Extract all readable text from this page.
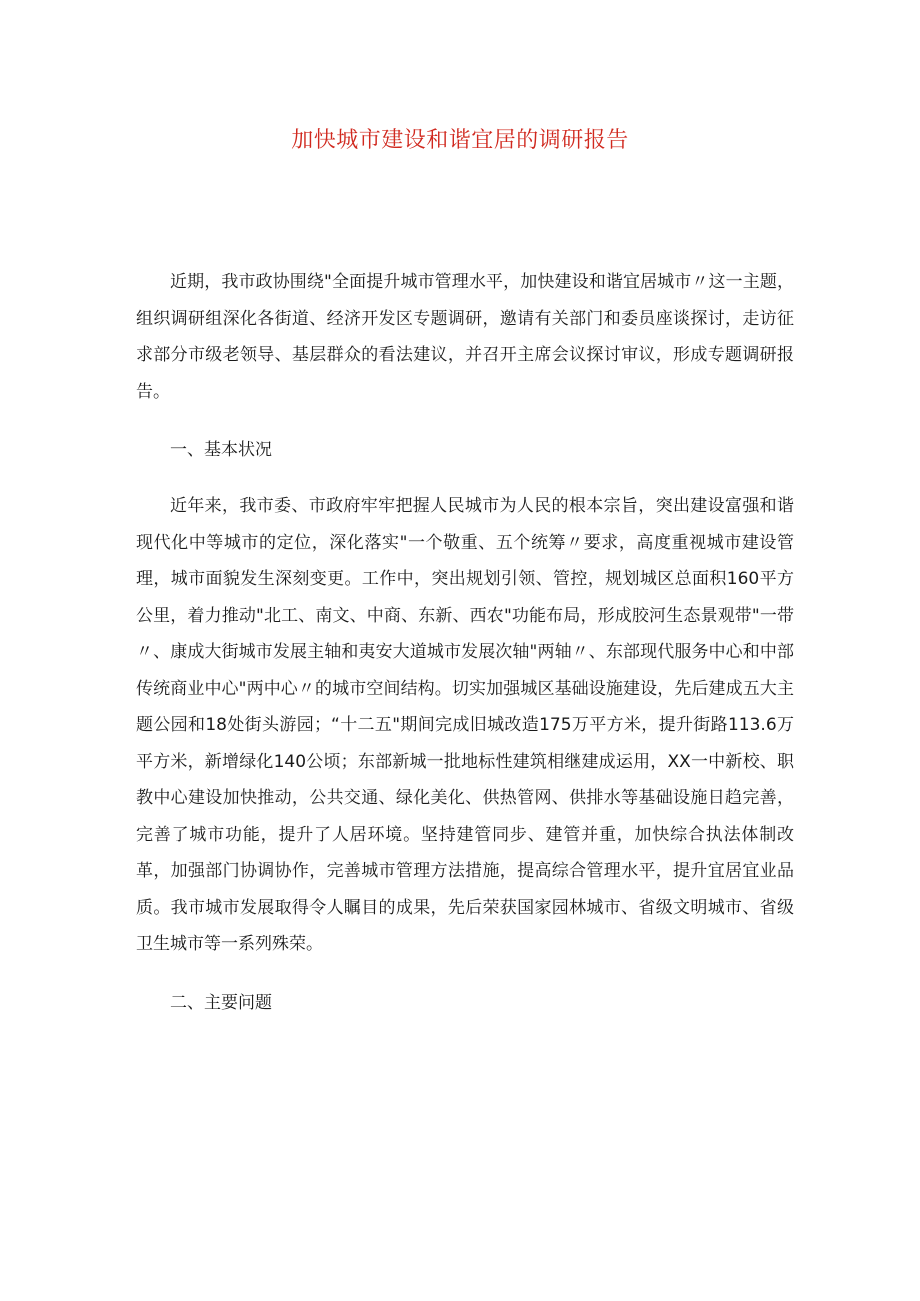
加快城市建设和谐宜居的调研报告

近期，我市政协围绕"全面提升城市管理水平，加快建设和谐宜居城市〃这一主题，组织调研组深化各街道、经济开发区专题调研，邀请有关部门和委员座谈探讨，走访征求部分市级老领导、基层群众的看法建议，并召开主席会议探讨审议，形成专题调研报告。

一、基本状况

近年来，我市委、市政府牢牢把握人民城市为人民的根本宗旨，突出建设富强和谐现代化中等城市的定位，深化落实"一个敬重、五个统筹〃要求，高度重视城市建设管理，城市面貌发生深刻变更。工作中，突出规划引领、管控，规划城区总面积160平方公里，着力推动"北工、南文、中商、东新、西农"功能布局，形成胶河生态景观带"一带〃、康成大街城市发展主轴和夷安大道城市发展次轴"两轴〃、东部现代服务中心和中部传统商业中心"两中心〃的城市空间结构。切实加强城区基础设施建设，先后建成五大主题公园和18处街头游园；“十二五"期间完成旧城改造175万平方米，提升街路113.6万平方米，新增绿化140公顷；东部新城一批地标性建筑相继建成运用，XX一中新校、职教中心建设加快推动，公共交通、绿化美化、供热管网、供排水等基础设施日趋完善，完善了城市功能，提升了人居环境。坚持建管同步、建管并重，加快综合执法体制改革，加强部门协调协作，完善城市管理方法措施，提高综合管理水平，提升宜居宜业品质。我市城市发展取得令人瞩目的成果，先后荣获国家园林城市、省级文明城市、省级卫生城市等一系列殊荣。

二、主要问题
